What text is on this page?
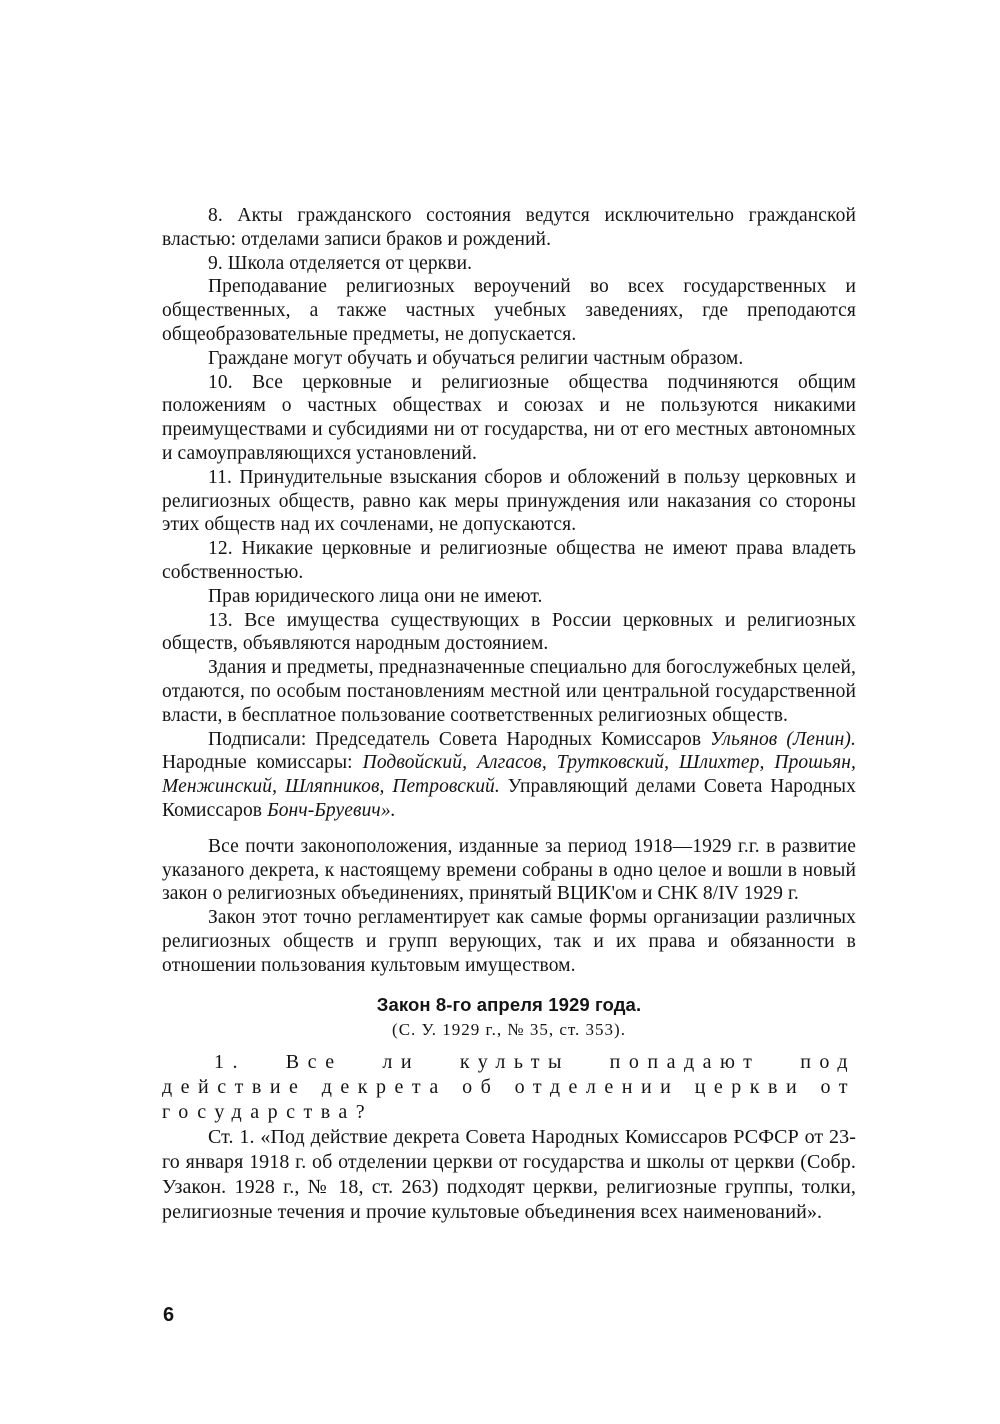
8. Акты гражданского состояния ведутся исключительно гражданской властью: отделами записи браков и рождений.

9. Школа отделяется от церкви.

Преподавание религиозных вероучений во всех государственных и общественных, а также частных учебных заведениях, где преподаются общеобразовательные предметы, не допускается.

Граждане могут обучать и обучаться религии частным образом.

10. Все церковные и религиозные общества подчиняются общим положениям о частных обществах и союзах и не пользуются никакими преимуществами и субсидиями ни от государства, ни от его местных автономных и самоуправляющихся установлений.

11. Принудительные взыскания сборов и обложений в пользу церковных и религиозных обществ, равно как меры принуждения или наказания со стороны этих обществ над их сочленами, не допускаются.

12. Никакие церковные и религиозные общества не имеют права владеть собственностью.

Прав юридического лица они не имеют.

13. Все имущества существующих в России церковных и религиозных обществ, объявляются народным достоянием.

Здания и предметы, предназначенные специально для богослужебных целей, отдаются, по особым постановлениям местной или центральной государственной власти, в бесплатное пользование соответственных религиозных обществ.

Подписали: Председатель Совета Народных Комиссаров Ульянов (Ленин). Народные комиссары: Подвойский, Алгасов, Трутковский, Шлихтер, Прошьян, Менжинский, Шляпников, Петровский. Управляющий делами Совета Народных Комиссаров Бонч-Бруевич».

Все почти законоположения, изданные за период 1918—1929 г.г. в развитие указаного декрета, к настоящему времени собраны в одно целое и вошли в новый закон о религиозных объединениях, принятый ВЦИК'ом и СНК 8/IV 1929 г.

Закон этот точно регламентирует как самые формы организации различных религиозных обществ и групп верующих, так и их права и обязанности в отношении пользования культовым имуществом.

Закон 8-го апреля 1929 года.

(С. У. 1929 г., № 35, ст. 353).

1. Все ли культы попадают под действие декрета об отделении церкви от государства?

Ст. 1. «Под действие декрета Совета Народных Комиссаров РСФСР от 23-го января 1918 г. об отделении церкви от государства и школы от церкви (Собр. Узакон. 1928 г., № 18, ст. 263) подходят церкви, религиозные группы, толки, религиозные течения и прочие культовые объединения всех наименований».

6
